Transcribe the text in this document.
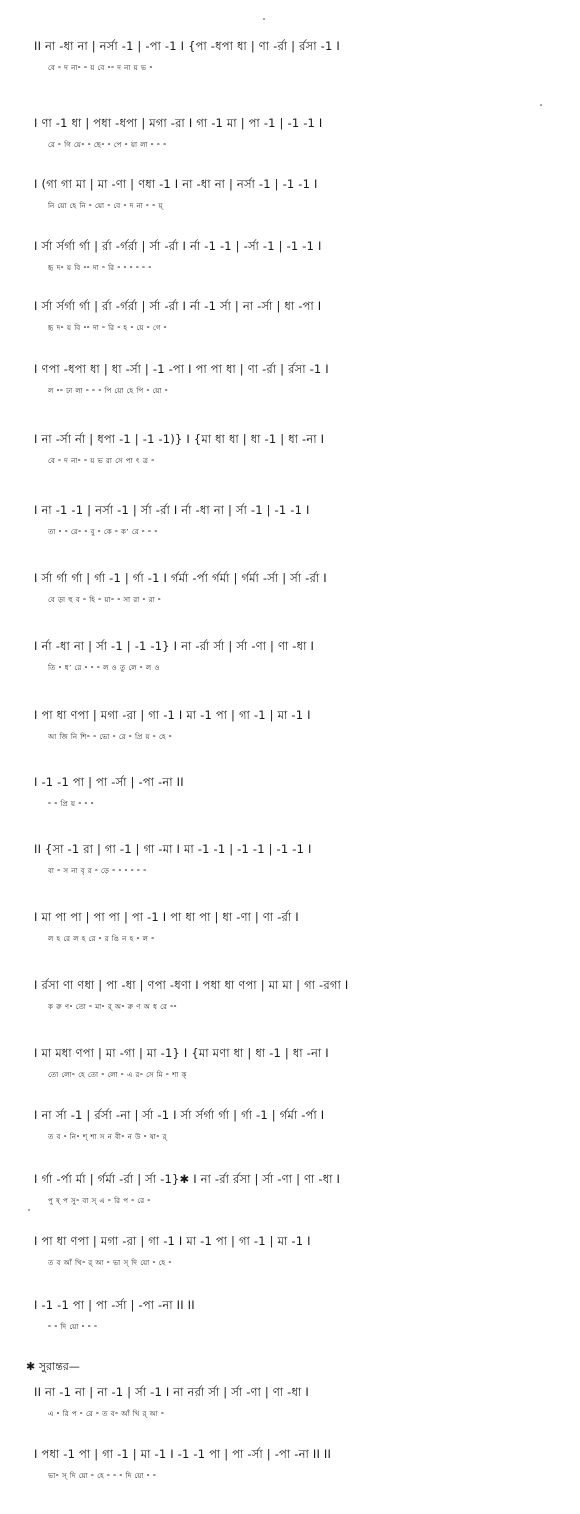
II না -ধা না | নর্সা -1 | -পা -1 I {পা -ধপা ধা | ণা -র্রা | র্রসা -1 I
বে ॰ দ না॰ ॰ য় বে ॰॰ দ না য় ভ ॰
I ণা -1 ধা | পধা -ধপা | মগা -রা I গা -1 মা | পা -1 | -1 -1 I
রে ॰ গি য়ে॰ ॰ ছে॰ ॰ পে ॰ য়া লা ॰ ॰ ॰
I (গা গা মা | মা -ণা | ণধা -1 I না -ধা না | নর্সা -1 | -1 -1 I
নি য়ো হে নি ॰ য়ো ॰ বে ॰ দ না ॰ ॰ য়্
I র্সা র্সর্গা র্গা | র্রা -র্গর্রা | র্সা -র্রা I র্না -1 -1 | -র্সা -1 | -1 -1 I
হৃ দ॰ য় বি ॰॰ দা ॰ রি ॰ ॰ ॰ ॰ ॰ ॰
I র্সা র্সর্গা র্গা | র্রা -র্গর্রা | র্সা -র্রা I র্না -1 র্সা | না -র্সা | ধা -পা I
হৃ দ॰ য় বি ॰॰ দা ॰ রি ॰ হ ॰ য়ে ॰ গে ॰
I ণপা -ধপা ধা | ধা -র্সা | -1 -পা I পা পা ধা | ণা -র্রা | র্রসা -1 I
ল ॰॰ ঢা লা ॰ ॰ ॰ পি য়ো হে পি ॰ য়ো ॰
I না -র্সা র্না | ধপা -1 | -1 -1)} I {মা ধা ধা | ধা -1 | ধা -না I
বে ॰ দ না॰ ॰ য় ভ রা সে পা ৎ ত্র ॰
I না -1 -1 | নর্সা -1 | র্সা -র্রা I র্না -ধা না | র্সা -1 | -1 -1 I
তা ॰ ॰ রে॰ ॰ বু ॰ কে ॰ ক’ রে ॰ ॰ ॰
I র্সা র্গা র্গা | র্গা -1 | র্গা -1 I র্গর্মা -র্পা র্গর্মা | র্গর্মা -র্সা | র্সা -র্রা I
বে ড়া হু ব ॰ হি ॰ য়া॰ ॰ সা রা ॰ রা ॰
I র্না -ধা না | র্সা -1 | -1 -1} I না -র্রা র্সা | র্সা -ণা | ণা -ধা I
তি ॰ ধ’ রে ॰ ॰ ॰ ল ও তু লে ॰ ল ও
I পা ধা ণপা | মগা -রা | গা -1 I মা -1 পা | গা -1 | মা -1 I
আ জি নি শি॰ ॰ ভো ॰ রে ॰ প্রি য় ॰ হে ॰
I -1 -1 পা | পা -র্সা | -পা -না II
॰ ॰ প্রি য় ॰ ॰ ॰
II {সা -1 রা | গা -1 | গা -মা I মা -1 -1 | -1 -1 | -1 -1 I
বা ॰ স না বৃ র ॰ ড়ে ॰ ॰ ॰ ॰ ॰ ॰
I মা পা পা | পা পা | পা -1 I পা ধা পা | ধা -ণা | ণা -র্রা I
ল হ রে ল হ রে ॰ র ঙি ন হ ॰ ল ॰
I র্রসা ণা ণধা | পা -ধা | ণপা -ধণা I পধা ধা ণপা | মা মা | গা -রগা I
ক রু ণ॰ তো ॰ মা॰ র্ অ॰ রু ণ অ ধ রে ॰॰
I মা মধা ণপা | মা -গা | মা -1} I {মা মণা ধা | ধা -1 | ধা -না I
তো লো॰ হে তো ॰ লো ॰ এ র॰ সে মি ॰ শা ক্
I না র্সা -1 | র্রর্সা -না | র্সা -1 I র্সা র্সর্গা র্গা | র্গা -1 | র্গর্মা -র্পা I
ত ব ॰ নি॰ শ্ শা স ন বী॰ ন উ ॰ ষা॰ র্
I র্গা -র্পা র্মা | র্গর্মা -র্রা | র্সা -1}✱ I না -র্রা র্রসা | র্সা -ণা | ণা -ধা I
পু ষ্ প সু॰ বা স্ এ ॰ রি প ॰ রে ॰
I পা ধা ণপা | মগা -রা | গা -1 I মা -1 পা | গা -1 | মা -1 I
ত ব আঁ খি॰ র্ আ ॰ ভা স্ দি য়ো ॰ হে ॰
I -1 -1 পা | পা -র্সা | -পা -না II II
॰ ॰ দি য়ো ॰ ॰ ॰
✱ সুরান্তর—
II না -1 না | না -1 | র্সা -1 I না নর্রা র্সা | র্সা -ণা | ণা -ধা I
এ ॰ রি প ॰ রে ॰ ত ব॰ আঁ খি র্ আ ॰
I পধা -1 পা | গা -1 | মা -1 I -1 -1 পা | পা -র্সা | -পা -না II II
ভা॰ স্ দি য়ো ॰ হে ॰ ॰ ॰ দি য়ো ॰ ॰
